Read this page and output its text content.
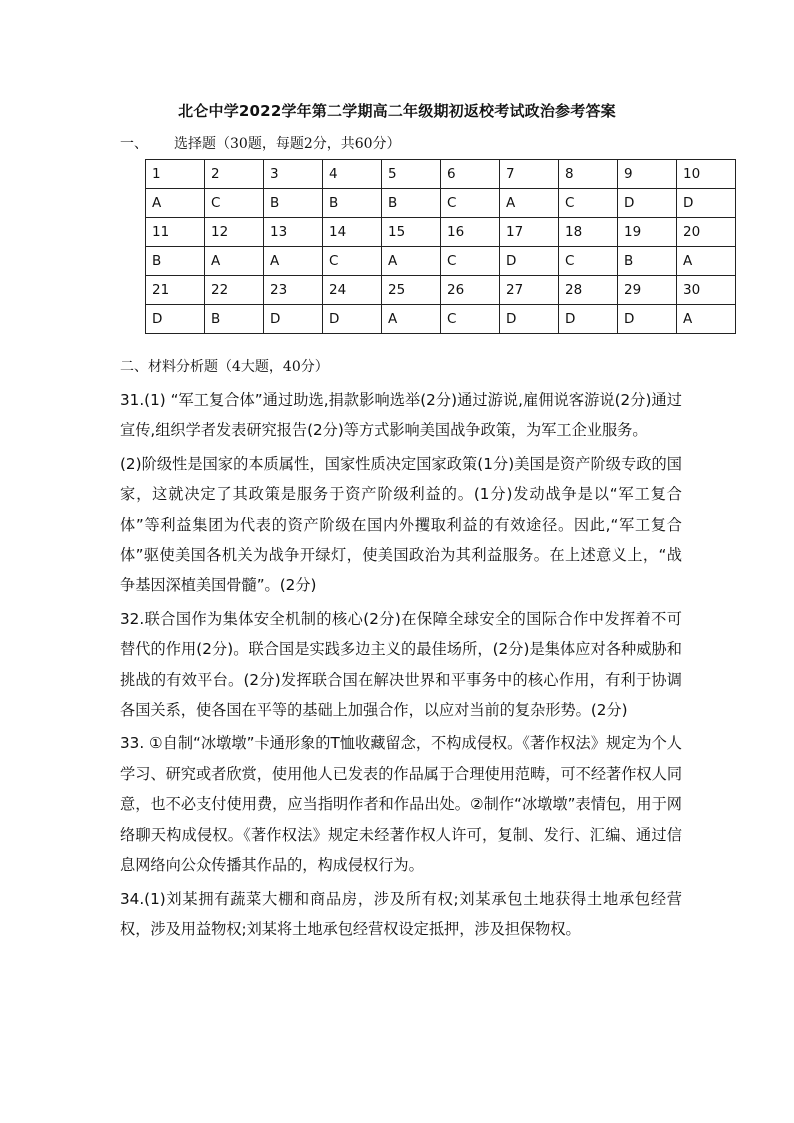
北仑中学2022学年第二学期高二年级期初返校考试政治参考答案
一、 选择题（30题，每题2分，共60分）
1	2	3	4	5	6	7	8	9	10
A	C	B	B	B	C	A	C	D	D
11	12	13	14	15	16	17	18	19	20
B	A	A	C	A	C	D	C	B	A
21	22	23	24	25	26	27	28	29	30
D	B	D	D	A	C	D	D	D	A
二、材料分析题（4大题，40分）

31.(1) “军工复合体”通过助选,捐款影响选举(2分)通过游说,雇佣说客游说(2分)通过宣传,组织学者发表研究报告(2分)等方式影响美国战争政策，为军工企业服务。

(2)阶级性是国家的本质属性，国家性质决定国家政策(1分)美国是资产阶级专政的国家，这就决定了其政策是服务于资产阶级利益的。(1分)发动战争是以“军工复合体”等利益集团为代表的资产阶级在国内外攫取利益的有效途径。因此,“军工复合体”驱使美国各机关为战争开绿灯，使美国政治为其利益服务。在上述意义上，“战争基因深植美国骨髓”。(2分)

32.联合国作为集体安全机制的核心(2分)在保障全球安全的国际合作中发挥着不可替代的作用(2分)。联合国是实践多边主义的最佳场所，(2分)是集体应对各种威胁和挑战的有效平台。(2分)发挥联合国在解决世界和平事务中的核心作用，有利于协调各国关系，使各国在平等的基础上加强合作，以应对当前的复杂形势。(2分)

33. ①自制“冰墩墩”卡通形象的T恤收藏留念，不构成侵权。《著作权法》规定为个人学习、研究或者欣赏，使用他人已发表的作品属于合理使用范畴，可不经著作权人同意，也不必支付使用费，应当指明作者和作品出处。②制作“冰墩墩”表情包，用于网络聊天构成侵权。《著作权法》规定未经著作权人许可，复制、发行、汇编、通过信息网络向公众传播其作品的，构成侵权行为。

34.(1)刘某拥有蔬菜大棚和商品房，涉及所有权;刘某承包土地获得土地承包经营权，涉及用益物权;刘某将土地承包经营权设定抵押，涉及担保物权。
